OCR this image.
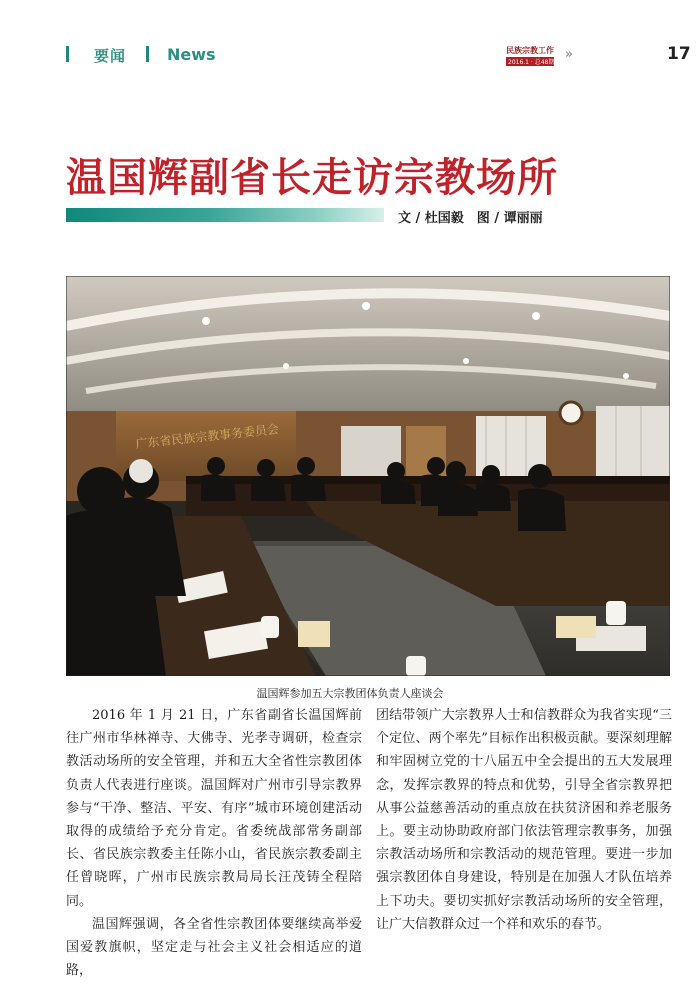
要闻	News	民族宗教工作
2016.1 · 总48期
»	17
温国辉副省长走访宗教场所
文 / 杜国毅　图 / 谭丽丽
广东省民族宗教事务委员会
温国辉参加五大宗教团体负责人座谈会

2016 年 1 月 21 日，广东省副省长温国辉前往广州市华林禅寺、大佛寺、光孝寺调研，检查宗教活动场所的安全管理，并和五大全省性宗教团体负责人代表进行座谈。温国辉对广州市引导宗教界参与“干净、整洁、平安、有序”城市环境创建活动取得的成绩给予充分肯定。省委统战部常务副部长、省民族宗教委主任陈小山，省民族宗教委副主任曾晓晖，广州市民族宗教局局长汪茂铸全程陪同。

温国辉强调，各全省性宗教团体要继续高举爱国爱教旗帜，坚定走与社会主义社会相适应的道路，

团结带领广大宗教界人士和信教群众为我省实现“三个定位、两个率先”目标作出积极贡献。要深刻理解和牢固树立党的十八届五中全会提出的五大发展理念，发挥宗教界的特点和优势，引导全省宗教界把从事公益慈善活动的重点放在扶贫济困和养老服务上。要主动协助政府部门依法管理宗教事务，加强宗教活动场所和宗教活动的规范管理。要进一步加强宗教团体自身建设，特别是在加强人才队伍培养上下功夫。要切实抓好宗教活动场所的安全管理，让广大信教群众过一个祥和欢乐的春节。
